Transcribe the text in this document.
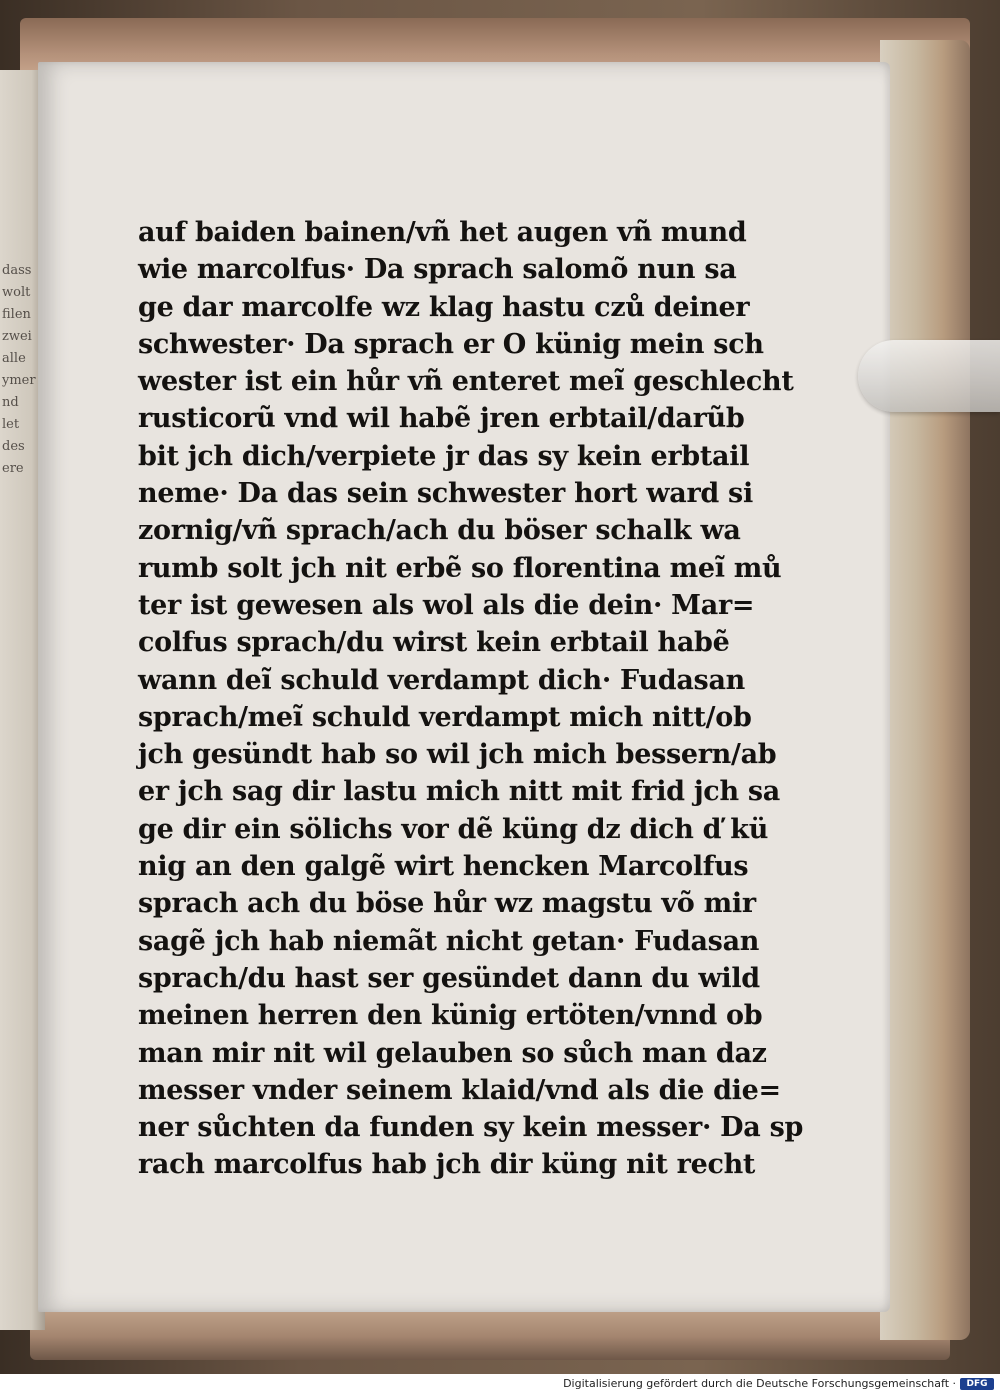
dass
wolt
filen
zwei
alle
ymer
nd
let
des
ere
auf baiden bainen/vñ het augen vñ mund
wie marcolfus· Da sprach salomõ nun sa
ge dar marcolfe wz klag hastu czů deiner
schwester· Da sprach er O künig mein sch
wester ist ein hůr vñ enteret meĩ geschlecht
rusticorũ vnd wil habẽ jren erbtail/darũb
bit jch dich/verpiete jr das sy kein erbtail
neme· Da das sein schwester hort ward si
zornig/vñ sprach/ach du böser schalk wa
rumb solt jch nit erbẽ so florentina meĩ mů
ter ist gewesen als wol als die dein· Mar=
colfus sprach/du wirst kein erbtail habẽ
wann deĩ schuld verdampt dich· Fudasan
sprach/meĩ schuld verdampt mich nitt/ob
jch gesündt hab so wil jch mich bessern/ab
er jch sag dir lastu mich nitt mit frid jch sa
ge dir ein sölichs vor dẽ küng dz dich ď kü
nig an den galgẽ wirt hencken Marcolfus
sprach ach du böse hůr wz magstu võ mir
sagẽ jch hab niemãt nicht getan· Fudasan
sprach/du hast ser gesündet dann du wild
meinen herren den künig ertöten/vnnd ob
man mir nit wil gelauben so sůch man daz
messer vnder seinem klaid/vnd als die die=
ner sůchten da funden sy kein messer· Da sp
rach marcolfus hab jch dir küng nit recht
Digitalisierung gefördert durch die Deutsche Forschungsgemeinschaft ·	DFG
